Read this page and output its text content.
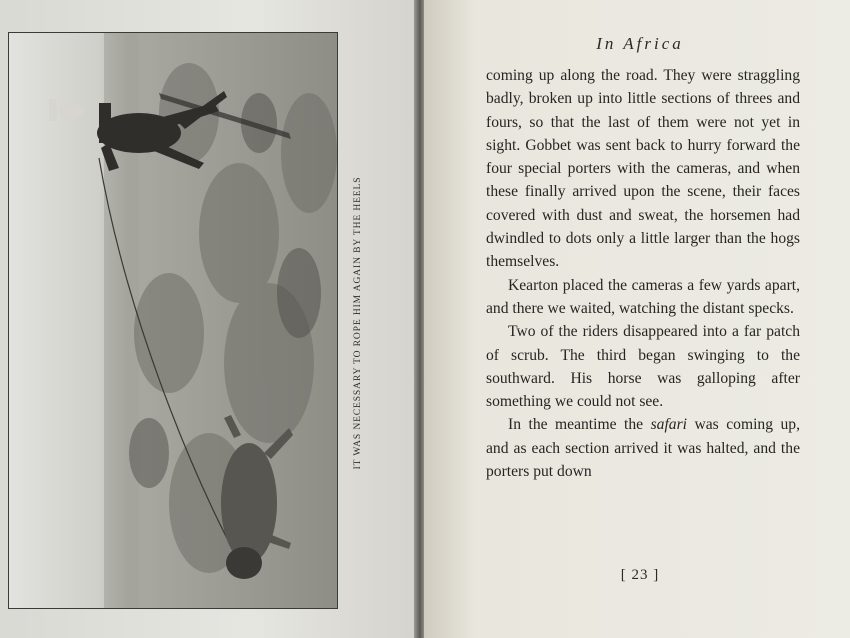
IT WAS NECESSARY TO ROPE HIM AGAIN BY THE HEELS
In Africa

coming up along the road. They were straggling badly, broken up into little sections of threes and fours, so that the last of them were not yet in sight. Gobbet was sent back to hurry forward the four special porters with the cameras, and when these finally arrived upon the scene, their faces covered with dust and sweat, the horsemen had dwindled to dots only a little larger than the hogs themselves.

Kearton placed the cameras a few yards apart, and there we waited, watching the distant specks.

Two of the riders disappeared into a far patch of scrub. The third began swinging to the southward. His horse was galloping after something we could not see.

In the meantime the safari was coming up, and as each section arrived it was halted, and the porters put down

[ 23 ]
